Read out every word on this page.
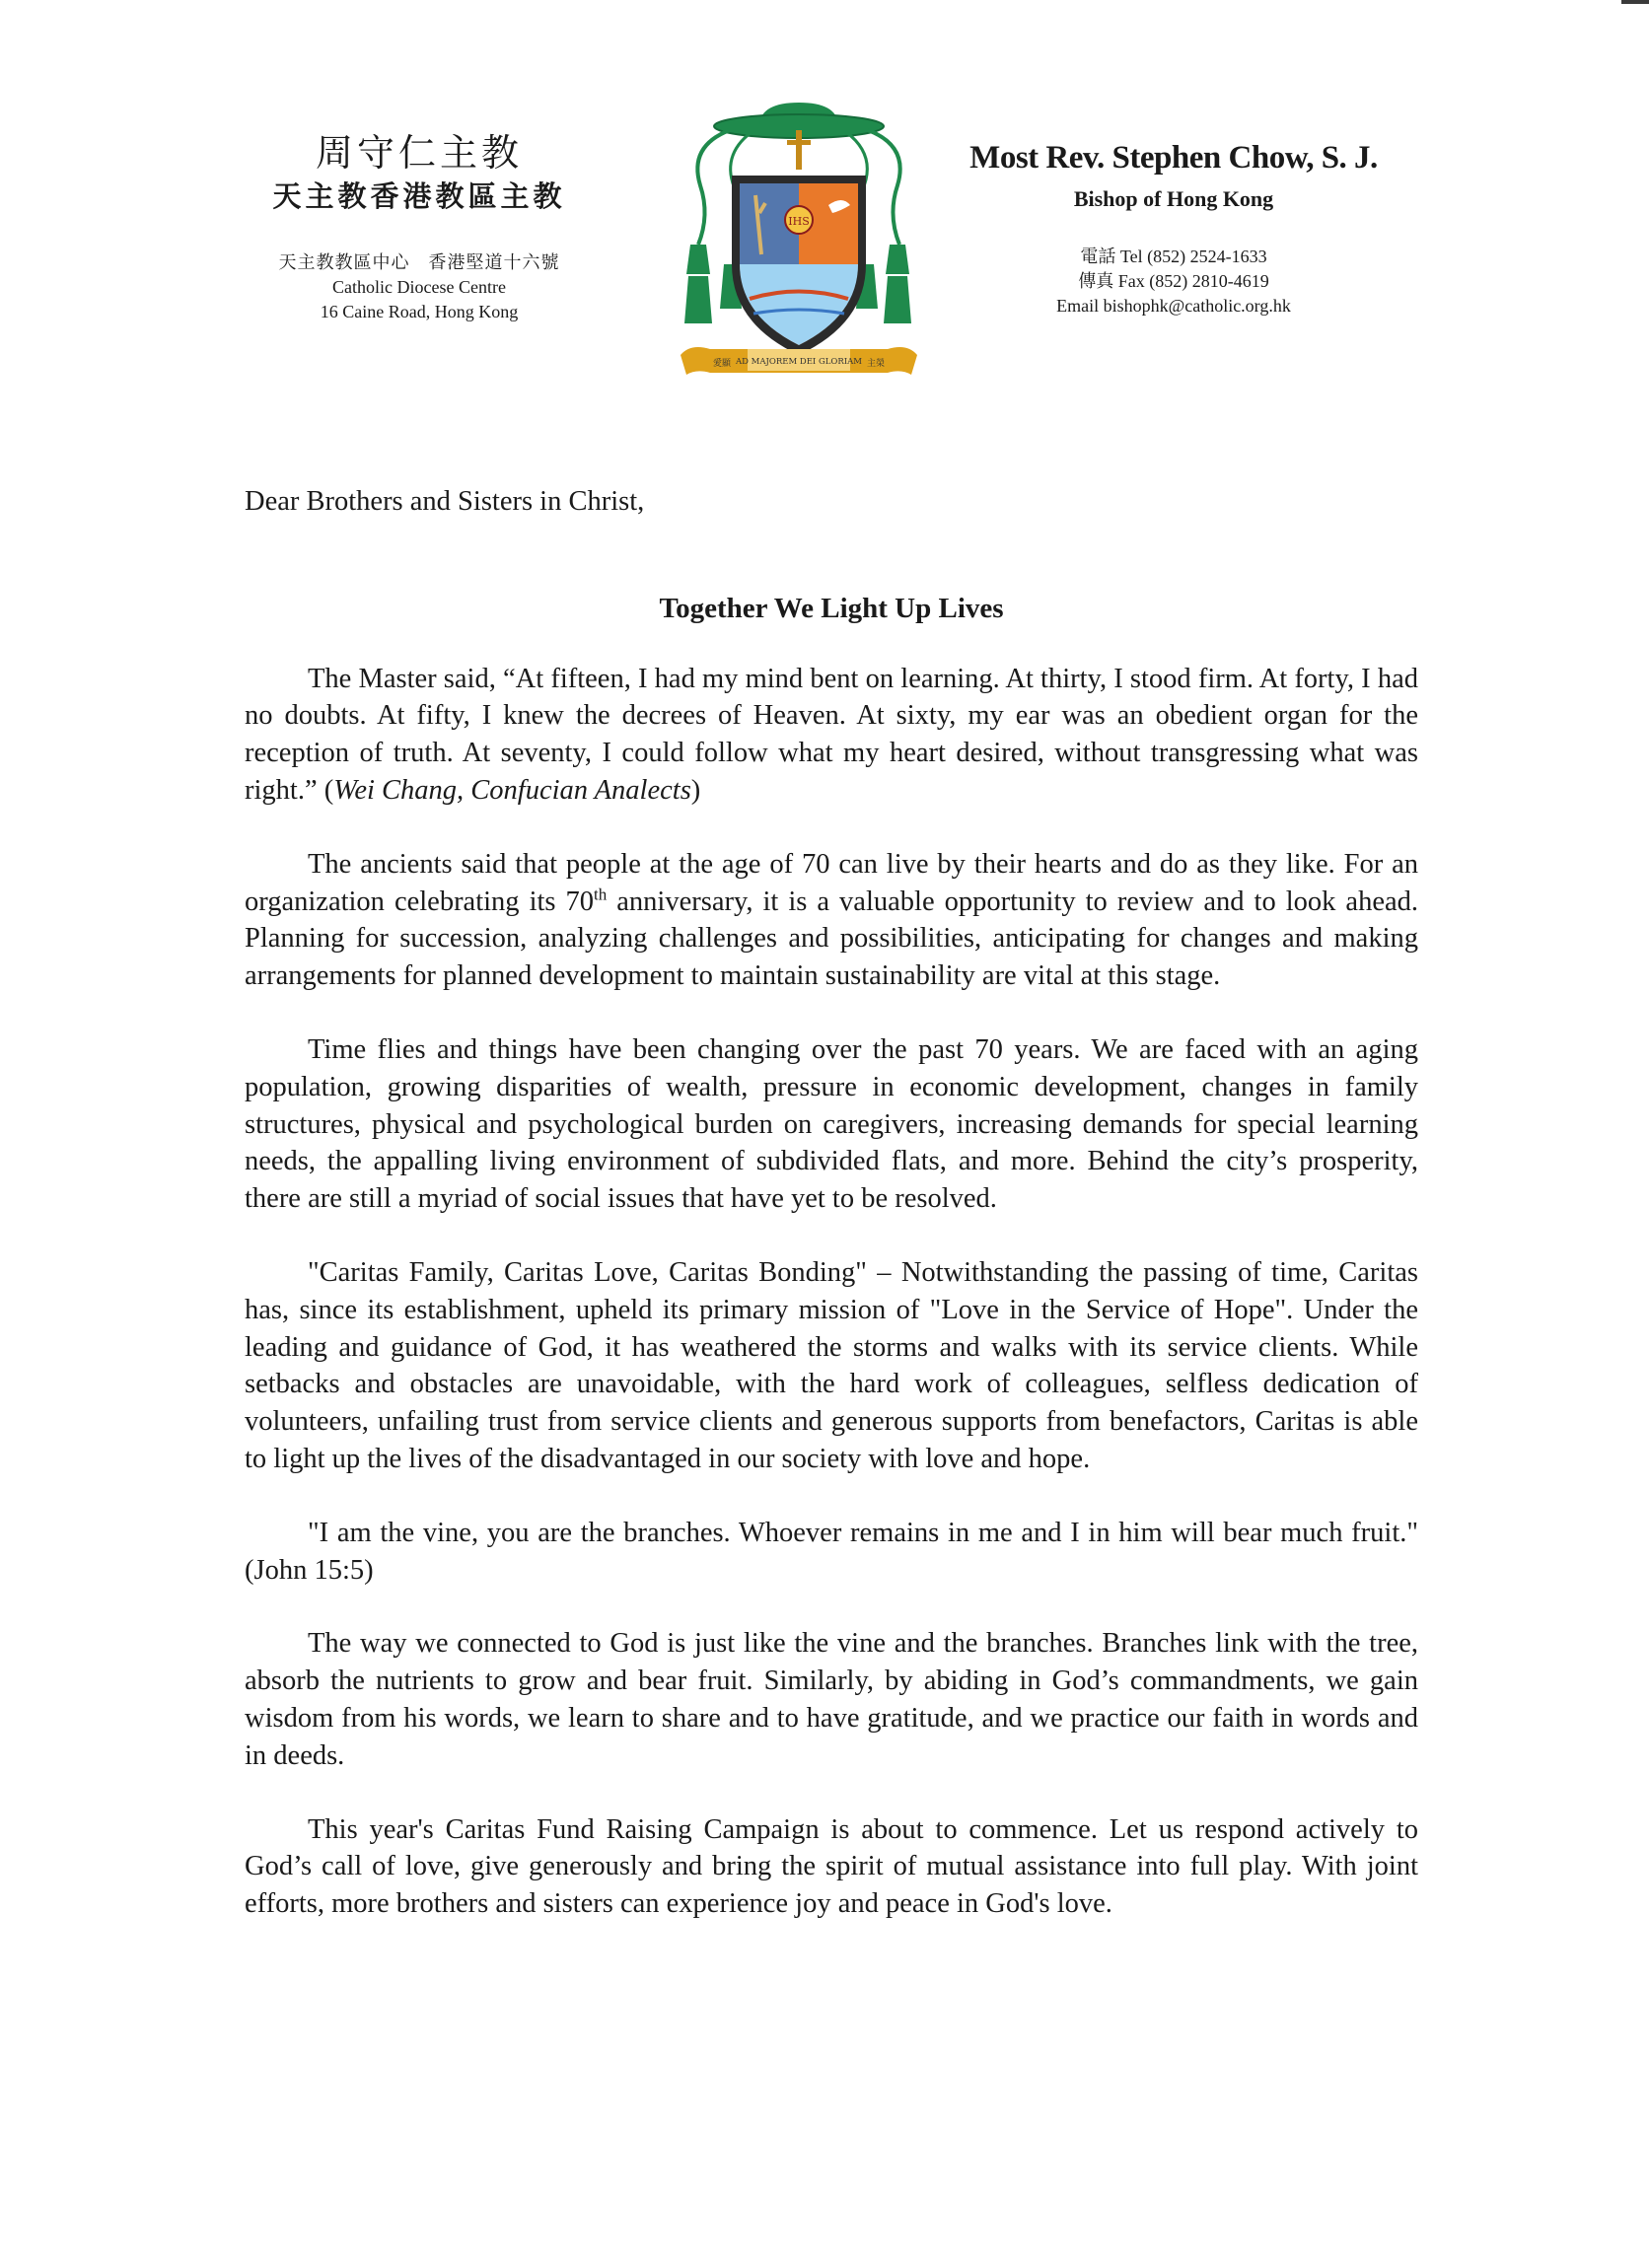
周守仁主教
天主教香港教區主教
天主教教區中心　香港堅道十六號
Catholic Diocese Centre
16 Caine Road, Hong Kong
IHS
AD MAJOREM DEI GLORIAM
愛顯	主榮
Most Rev. Stephen Chow, S. J.
Bishop of Hong Kong
電話 Tel (852) 2524-1633
傳真 Fax (852) 2810-4619
Email bishophk@catholic.org.hk

Dear Brothers and Sisters in Christ,

Together We Light Up Lives

The Master said, “At fifteen, I had my mind bent on learning. At thirty, I stood firm. At forty, I had no doubts. At fifty, I knew the decrees of Heaven. At sixty, my ear was an obedient organ for the reception of truth. At seventy, I could follow what my heart desired, without transgressing what was right.” (Wei Chang, Confucian Analects)

The ancients said that people at the age of 70 can live by their hearts and do as they like. For an organization celebrating its 70th anniversary, it is a valuable opportunity to review and to look ahead. Planning for succession, analyzing challenges and possibilities, anticipating for changes and making arrangements for planned development to maintain sustainability are vital at this stage.

Time flies and things have been changing over the past 70 years. We are faced with an aging population, growing disparities of wealth, pressure in economic development, changes in family structures, physical and psychological burden on caregivers, increasing demands for special learning needs, the appalling living environment of subdivided flats, and more. Behind the city’s prosperity, there are still a myriad of social issues that have yet to be resolved.

"Caritas Family, Caritas Love, Caritas Bonding" – Notwithstanding the passing of time, Caritas has, since its establishment, upheld its primary mission of "Love in the Service of Hope". Under the leading and guidance of God, it has weathered the storms and walks with its service clients. While setbacks and obstacles are unavoidable, with the hard work of colleagues, selfless dedication of volunteers, unfailing trust from service clients and generous supports from benefactors, Caritas is able to light up the lives of the disadvantaged in our society with love and hope.

"I am the vine, you are the branches. Whoever remains in me and I in him will bear much fruit." (John 15:5)

The way we connected to God is just like the vine and the branches. Branches link with the tree, absorb the nutrients to grow and bear fruit. Similarly, by abiding in God’s commandments, we gain wisdom from his words, we learn to share and to have gratitude, and we practice our faith in words and in deeds.

This year's Caritas Fund Raising Campaign is about to commence. Let us respond actively to God’s call of love, give generously and bring the spirit of mutual assistance into full play. With joint efforts, more brothers and sisters can experience joy and peace in God's love.
